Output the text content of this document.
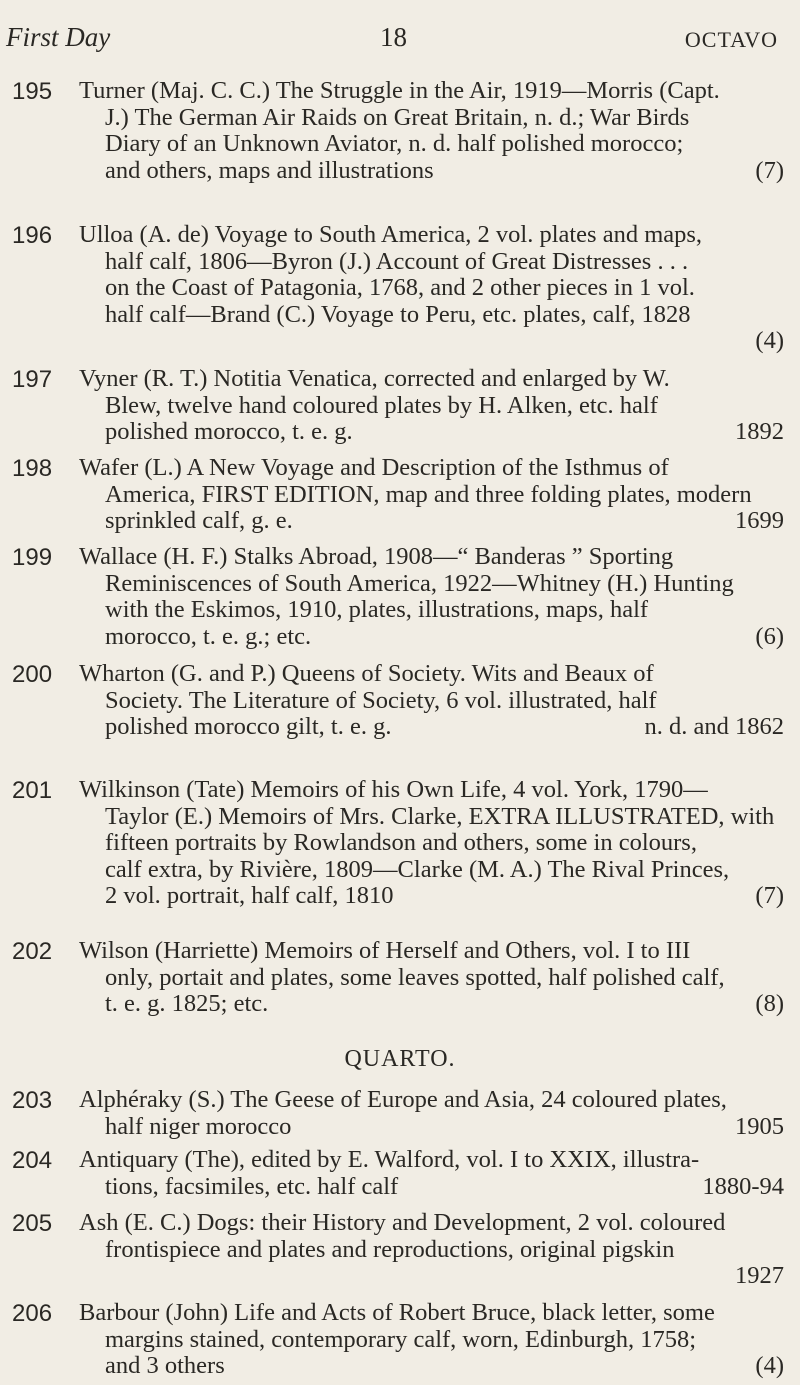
First Day	18	OCTAVO
195	Turner (Maj. C. C.) The Struggle in the Air, 1919—Morris (Capt.
J.) The German Air Raids on Great Britain, n. d.; War Birds
Diary of an Unknown Aviator, n. d. half polished morocco;
and others, maps and illustrations	(7)
196	Ulloa (A. de) Voyage to South America, 2 vol. plates and maps,
half calf, 1806—Byron (J.) Account of Great Distresses . . .
on the Coast of Patagonia, 1768, and 2 other pieces in 1 vol.
half calf—Brand (C.) Voyage to Peru, etc. plates, calf, 1828
(4)
197	Vyner (R. T.) Notitia Venatica, corrected and enlarged by W.
Blew, twelve hand coloured plates by H. Alken, etc. half
polished morocco, t. e. g.	1892
198	Wafer (L.) A New Voyage and Description of the Isthmus of
America, FIRST EDITION, map and three folding plates, modern
sprinkled calf, g. e.	1699
199	Wallace (H. F.) Stalks Abroad, 1908—“ Banderas ” Sporting
Reminiscences of South America, 1922—Whitney (H.) Hunting
with the Eskimos, 1910, plates, illustrations, maps, half
morocco, t. e. g.; etc.	(6)
200	Wharton (G. and P.) Queens of Society. Wits and Beaux of
Society. The Literature of Society, 6 vol. illustrated, half
polished morocco gilt, t. e. g.	n. d. and 1862
201	Wilkinson (Tate) Memoirs of his Own Life, 4 vol. York, 1790—
Taylor (E.) Memoirs of Mrs. Clarke, EXTRA ILLUSTRATED, with
fifteen portraits by Rowlandson and others, some in colours,
calf extra, by Rivière, 1809—Clarke (M. A.) The Rival Princes,
2 vol. portrait, half calf, 1810	(7)
202	Wilson (Harriette) Memoirs of Herself and Others, vol. I to III
only, portait and plates, some leaves spotted, half polished calf,
t. e. g. 1825; etc.	(8)
203	Alphéraky (S.) The Geese of Europe and Asia, 24 coloured plates,
half niger morocco	1905
204	Antiquary (The), edited by E. Walford, vol. I to XXIX, illustra-
tions, facsimiles, etc. half calf	1880-94
205	Ash (E. C.) Dogs: their History and Development, 2 vol. coloured
frontispiece and plates and reproductions, original pigskin
1927
206	Barbour (John) Life and Acts of Robert Bruce, black letter, some
margins stained, contemporary calf, worn, Edinburgh, 1758;
and 3 others	(4)
QUARTO.
